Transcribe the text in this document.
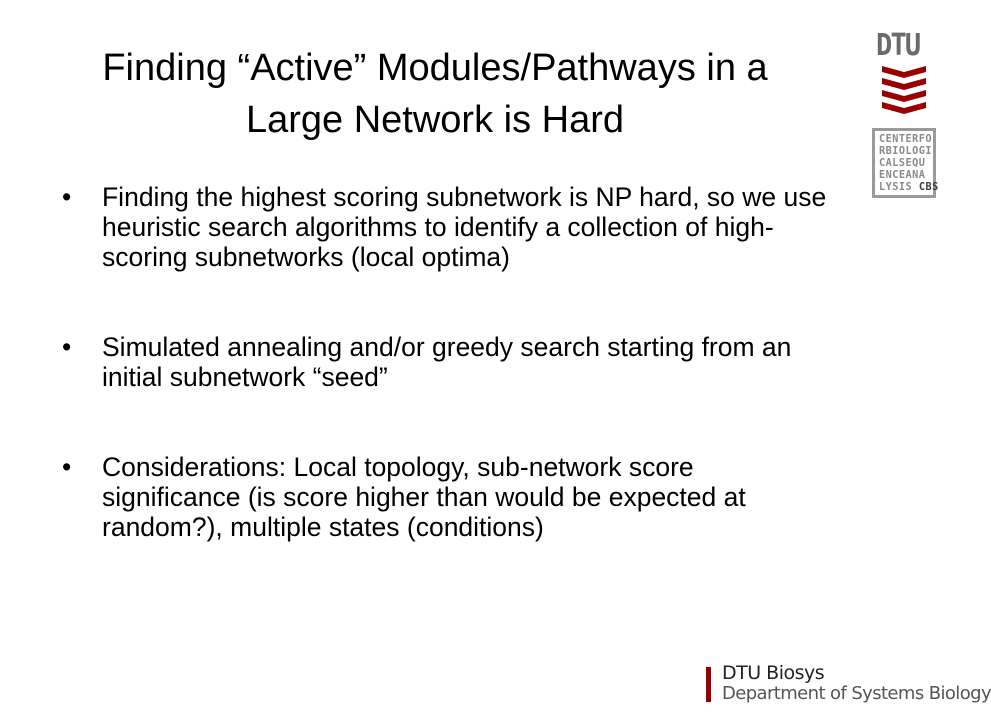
Finding “Active” Modules/Pathways in a
Large Network is Hard
• Finding the highest scoring subnetwork is NP hard, so we use heuristic search algorithms to identify a collection of high-scoring subnetworks (local optima)
• Simulated annealing and/or greedy search starting from an initial subnetwork “seed”
• Considerations: Local topology, sub-network score significance (is score higher than would be expected at random?), multiple states (conditions)
DTU
CENTERFO
RBIOLOGI
CALSEQU
ENCEANA
LYSIS CBS
DTU Biosys
Department of Systems Biology
